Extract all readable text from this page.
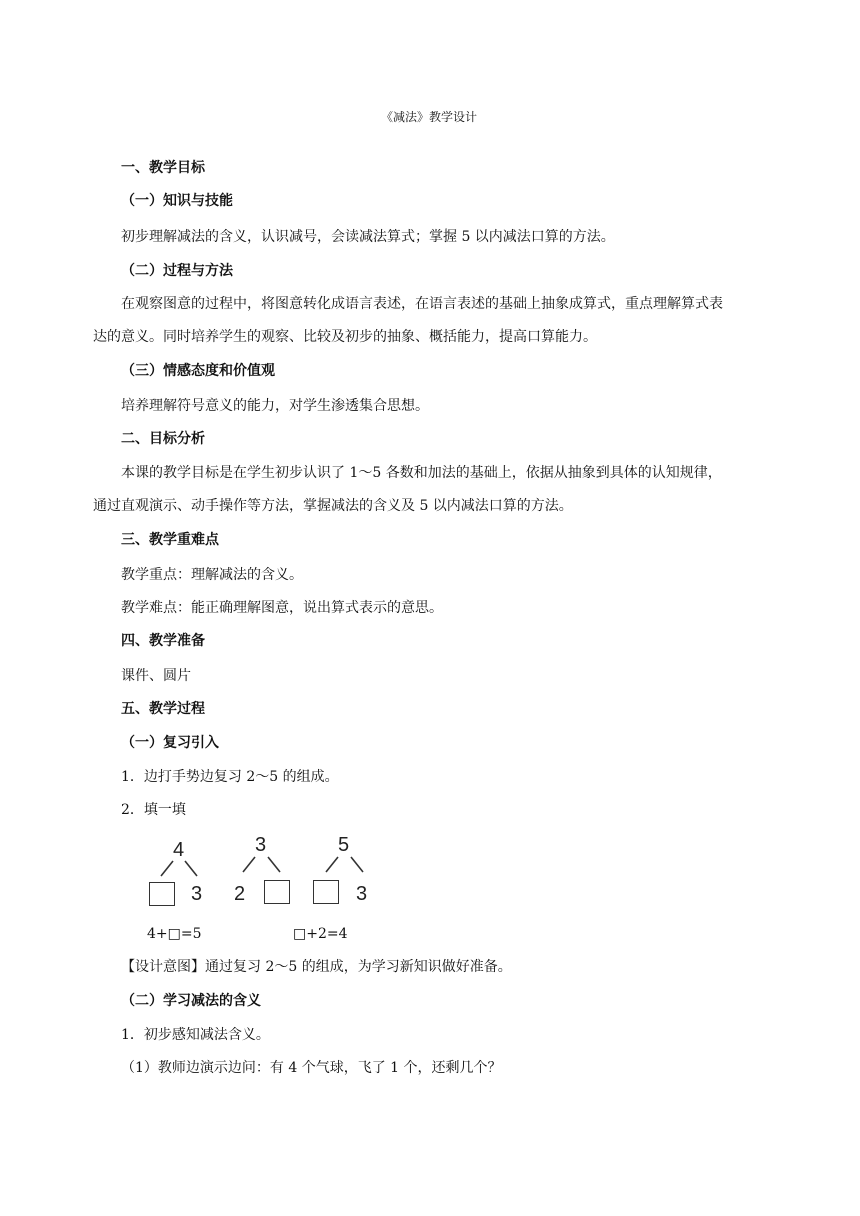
《减法》教学设计
一、教学目标
（一）知识与技能
初步理解减法的含义，认识减号，会读减法算式；掌握 5 以内减法口算的方法。
（二）过程与方法
在观察图意的过程中，将图意转化成语言表述，在语言表述的基础上抽象成算式，重点理解算式表
达的意义。同时培养学生的观察、比较及初步的抽象、概括能力，提高口算能力。
（三）情感态度和价值观
培养理解符号意义的能力，对学生渗透集合思想。
二、目标分析
本课的教学目标是在学生初步认识了 1～5 各数和加法的基础上，依据从抽象到具体的认知规律，
通过直观演示、动手操作等方法，掌握减法的含义及 5 以内减法口算的方法。
三、教学重难点
教学重点：理解减法的含义。
教学难点：能正确理解图意，说出算式表示的意思。
四、教学准备
课件、圆片
五、教学过程
（一）复习引入
1．边打手势边复习 2～5 的组成。
2．填一填
4
3
3
2
5
3
4+□=5	□+2=4
【设计意图】通过复习 2～5 的组成，为学习新知识做好准备。
（二）学习减法的含义
1．初步感知减法含义。
（1）教师边演示边问：有 4 个气球，飞了 1 个，还剩几个？
